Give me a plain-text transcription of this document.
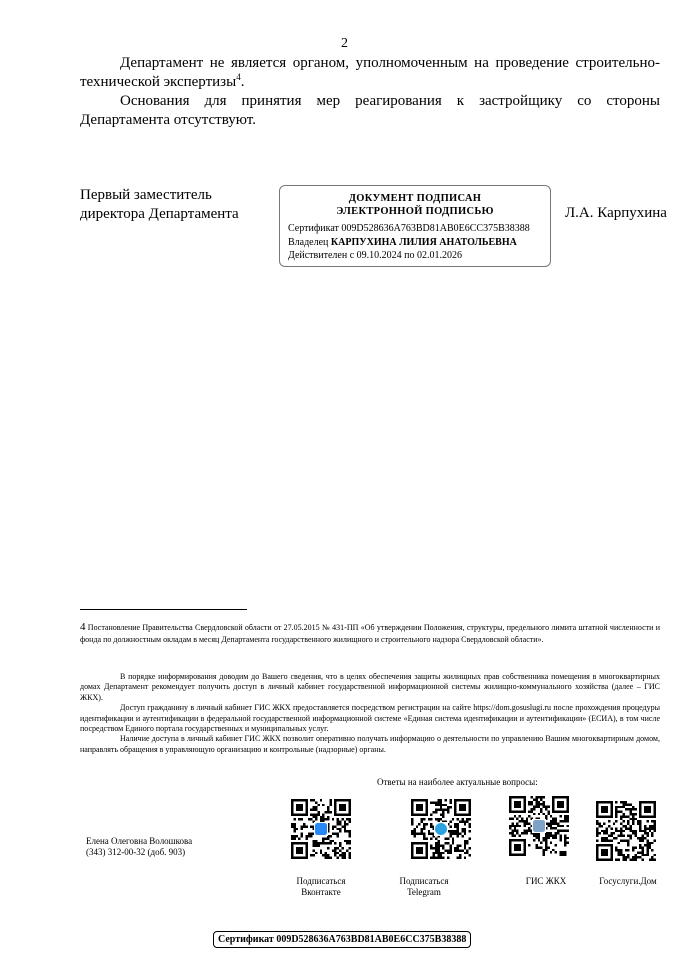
2

Департамент не является органом, уполномоченным на проведение строительно- технической экспертизы$^4$.

Основания для принятия мер реагирования к застройщику со стороны Департамента отсутствуют.

Первый заместитель
директора Департамента
ДОКУМЕНТ ПОДПИСАН
ЭЛЕКТРОННОЙ ПОДПИСЬЮ
Сертификат 009D528636A763BD81AB0E6CC375B38388
Владелец КАРПУХИНА ЛИЛИЯ АНАТОЛЬЕВНА
Действителен с 09.10.2024 по 02.01.2026
Л.А. Карпухина
4 Постановление Правительства Свердловской области от 27.05.2015 № 431-ПП «Об утверждении Положения, структуры, предельного лимита штатной численности и фонда по должностным окладам в месяц Департамента государственного жилищного и строительного надзора Свердловской области».

В порядке информирования доводим до Вашего сведения, что в целях обеспечения защиты жилищных прав собственника помещения в многоквартирных домах Департамент рекомендует получить доступ в личный кабинет государственной информационной системы жилищно-коммунального хозяйства (далее – ГИС ЖКХ).

Доступ гражданину в личный кабинет ГИС ЖКХ предоставляется посредством регистрации на сайте https://dom.gosuslugi.ru после прохождения процедуры идентификации и аутентификации в федеральной государственной информационной системе «Единая система идентификации и аутентификации» (ЕСИА), в том числе посредством Единого портала государственных и муниципальных услуг.

Наличие доступа в личный кабинет ГИС ЖКХ позволит оперативно получать информацию о деятельности по управлению Вашим многоквартирным домом, направлять обращения в управляющую организацию и контрольные (надзорные) органы.

Ответы на наиболее актуальные вопросы:
Подписаться
Вконтакте
Подписаться
Telegram
ГИС ЖКХ	Госуслуги.Дом
Елена Олеговна Волошкова
(343) 312-00-32 (доб. 903)
Сертификат 009D528636A763BD81AB0E6CC375B38388
